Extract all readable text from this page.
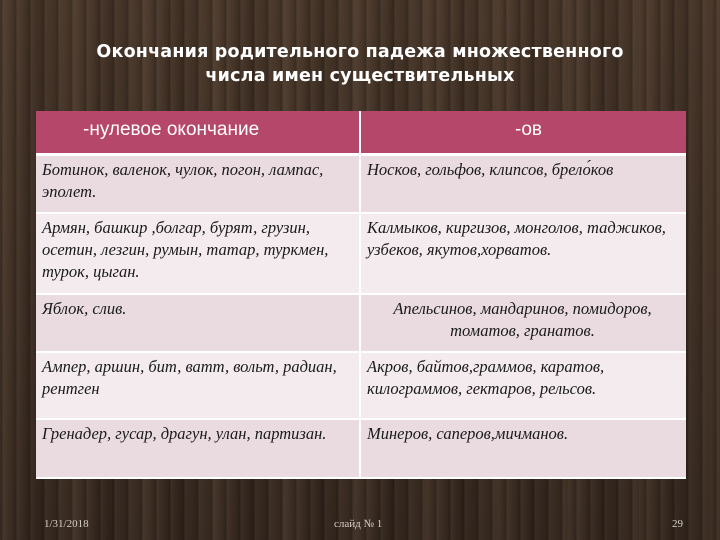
Окончания родительного падежа множественного
числа имен существительных
-нулевое окончание	-ов
Ботинок, валенок, чулок, погон, лампас, эполет.	Носков, гольфов, клипсов, брело́ков
Армян, башкир ,болгар, бурят, грузин, осетин, лезгин, румын, татар, туркмен, турок, цыган.	Калмыков, киргизов, монголов, таджиков, узбеков, якутов,хорватов.
Яблок, слив.	Апельсинов, мандаринов, помидоров, томатов, гранатов.
Ампер, аршин, бит, ватт, вольт, радиан, рентген	Акров, байтов,граммов, каратов, килограммов, гектаров, рельсов.
Гренадер, гусар, драгун, улан, партизан.	Минеров, саперов,мичманов.
1/31/2018	слайд № 1	29
